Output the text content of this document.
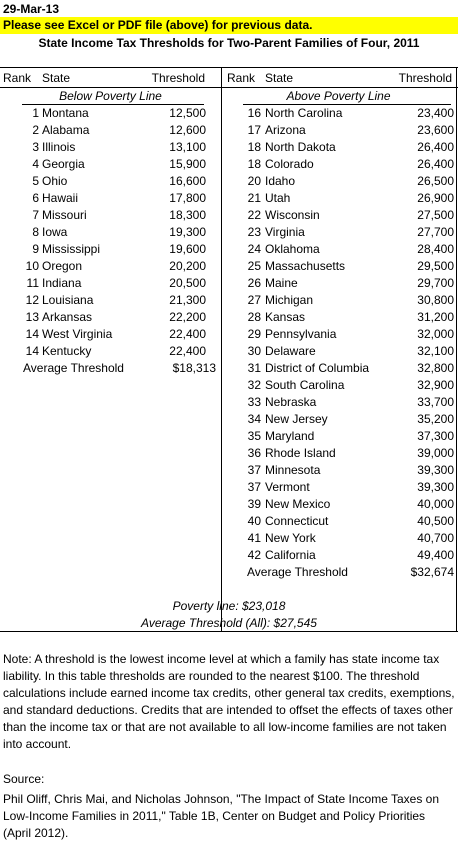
29-Mar-13
Please see Excel or PDF file (above) for previous data.
State Income Tax Thresholds for Two-Parent Families of Four, 2011
Rank State	Threshold Rank State	Threshold
Below Poverty Line	Above Poverty Line
1 Montana	12,500
2 Alabama	12,600
3 Illinois	13,100
4 Georgia	15,900
5 Ohio	16,600
6 Hawaii	17,800
7 Missouri	18,300
8 Iowa	19,300
9 Mississippi	19,600
10 Oregon	20,200
11 Indiana	20,500
12 Louisiana	21,300
13 Arkansas	22,200
14 West Virginia	22,400
14 Kentucky	22,400
16 North Carolina	23,400
17 Arizona	23,600
18 North Dakota	26,400
18 Colorado	26,400
20 Idaho	26,500
21 Utah	26,900
22 Wisconsin	27,500
23 Virginia	27,700
24 Oklahoma	28,400
25 Massachusetts	29,500
26 Maine	29,700
27 Michigan	30,800
28 Kansas	31,200
29 Pennsylvania	32,000
30 Delaware	32,100
31 District of Columbia	32,800
32 South Carolina	32,900
33 Nebraska	33,700
34 New Jersey	35,200
35 Maryland	37,300
36 Rhode Island	39,000
37 Minnesota	39,300
37 Vermont	39,300
39 New Mexico	40,000
40 Connecticut	40,500
41 New York	40,700
42 California	49,400
Average Threshold	$18,313
Average Threshold	$32,674
Poverty line: $23,018
Average Threshold (All): $27,545
Note: A threshold is the lowest income level at which a family has state income tax liability. In this table thresholds are rounded to the nearest $100. The threshold calculations include earned income tax credits, other general tax credits, exemptions, and standard deductions. Credits that are intended to offset the effects of taxes other than the income tax or that are not available to all low-income families are not taken into account.
Source:
Phil Oliff, Chris Mai, and Nicholas Johnson, "The Impact of State Income Taxes on Low-Income Families in 2011," Table 1B, Center on Budget and Policy Priorities (April 2012).
